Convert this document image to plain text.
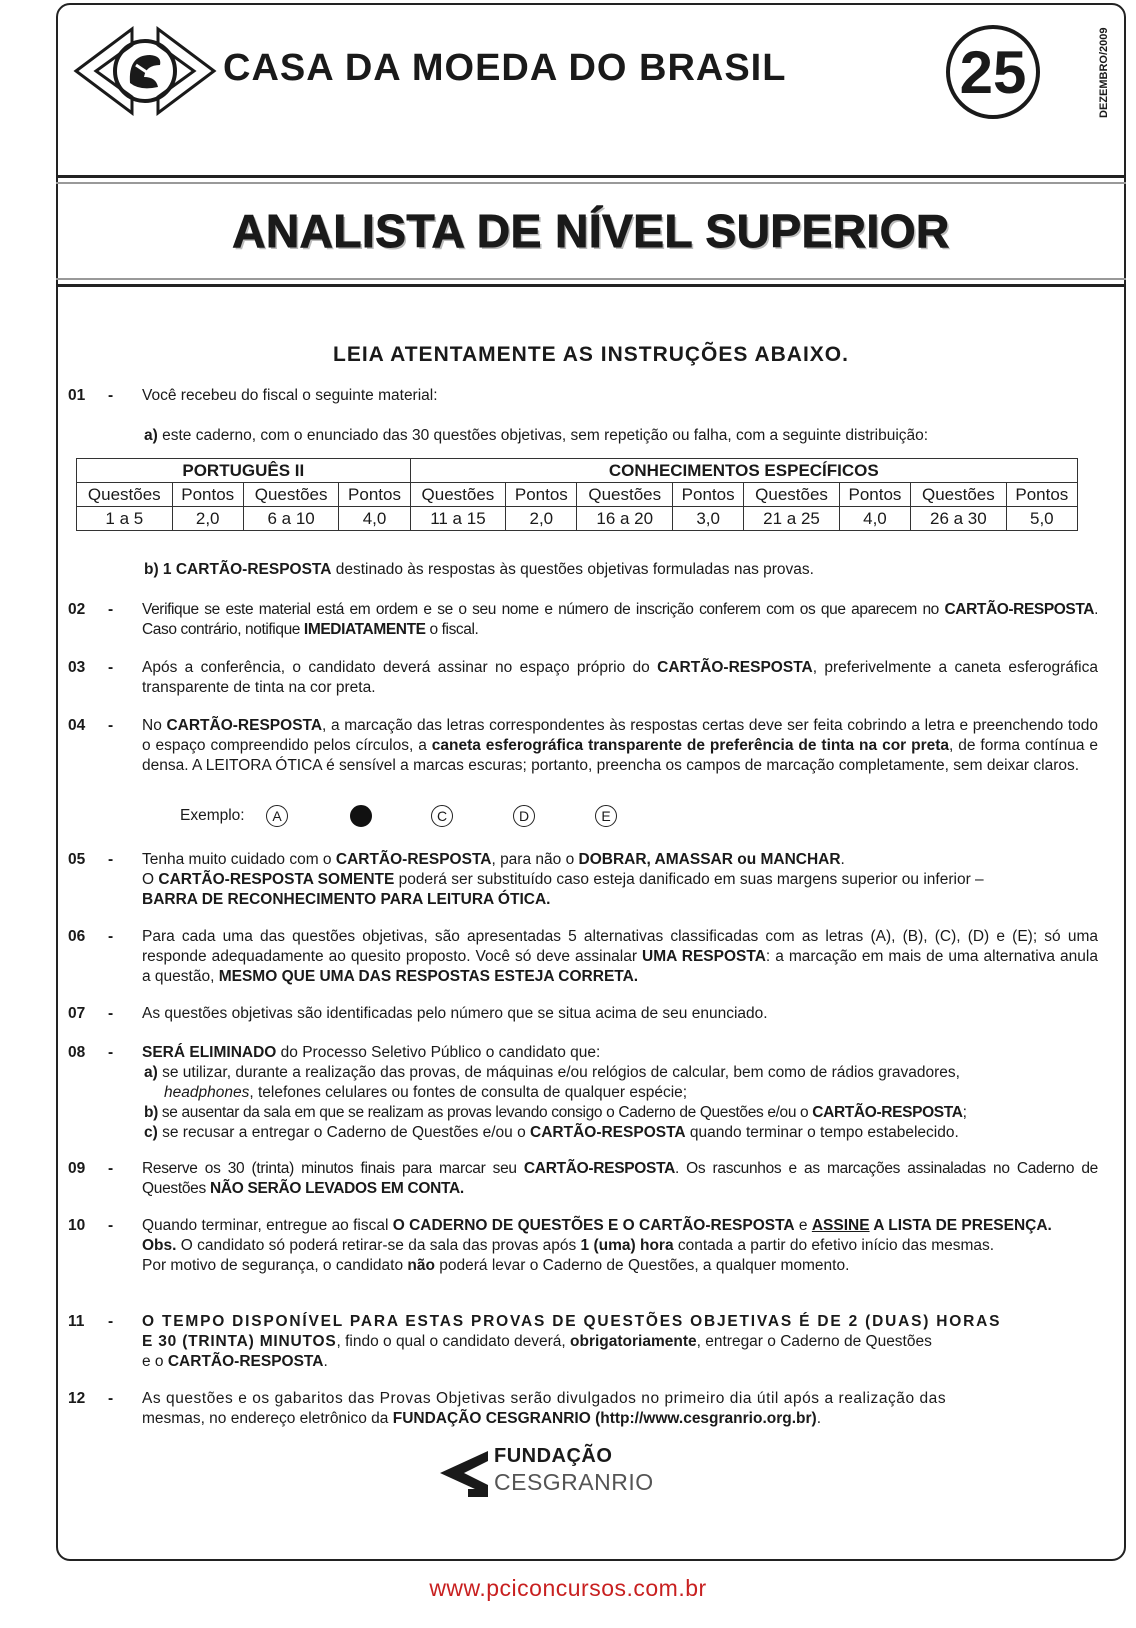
CASA DA MOEDA DO BRASIL	25	DEZEMBRO/2009
ANALISTA DE NÍVEL SUPERIOR
LEIA ATENTAMENTE AS INSTRUÇÕES ABAIXO.
01 - Você recebeu do fiscal o seguinte material:
a) este caderno, com o enunciado das 30 questões objetivas, sem repetição ou falha, com a seguinte distribuição:
PORTUGUÊS II				CONHECIMENTOS ESPECÍFICOS							
Questões	Pontos	Questões	Pontos	Questões	Pontos	Questões	Pontos	Questões	Pontos	Questões	Pontos
1 a 5	2,0	6 a 10	4,0	11 a 15	2,0	16 a 20	3,0	21 a 25	4,0	26 a 30	5,0
b) 1 CARTÃO-RESPOSTA destinado às respostas às questões objetivas formuladas nas provas.
02 - Verifique se este material está em ordem e se o seu nome e número de inscrição conferem com os que aparecem no CARTÃO-RESPOSTA. Caso contrário, notifique IMEDIATAMENTE o fiscal.
03 - Após a conferência, o candidato deverá assinar no espaço próprio do CARTÃO-RESPOSTA, preferivelmente a caneta esferográfica transparente de tinta na cor preta.
04 - No CARTÃO-RESPOSTA, a marcação das letras correspondentes às respostas certas deve ser feita cobrindo a letra e preenchendo todo o espaço compreendido pelos círculos, a caneta esferográfica transparente de preferência de tinta na cor preta, de forma contínua e densa. A LEITORA ÓTICA é sensível a marcas escuras; portanto, preencha os campos de marcação completamente, sem deixar claros.
Exemplo:	A	C	D	E
05 - Tenha muito cuidado com o CARTÃO-RESPOSTA, para não o DOBRAR, AMASSAR ou MANCHAR.
O CARTÃO-RESPOSTA SOMENTE poderá ser substituído caso esteja danificado em suas margens superior ou inferior –
BARRA DE RECONHECIMENTO PARA LEITURA ÓTICA.
06 - Para cada uma das questões objetivas, são apresentadas 5 alternativas classificadas com as letras (A), (B), (C), (D) e (E); só uma responde adequadamente ao quesito proposto. Você só deve assinalar UMA RESPOSTA: a marcação em mais de uma alternativa anula a questão, MESMO QUE UMA DAS RESPOSTAS ESTEJA CORRETA.
07 - As questões objetivas são identificadas pelo número que se situa acima de seu enunciado.
08 - SERÁ ELIMINADO do Processo Seletivo Público o candidato que:
a) se utilizar, durante a realização das provas, de máquinas e/ou relógios de calcular, bem como de rádios gravadores,
headphones, telefones celulares ou fontes de consulta de qualquer espécie;
b) se ausentar da sala em que se realizam as provas levando consigo o Caderno de Questões e/ou o CARTÃO-RESPOSTA;
c) se recusar a entregar o Caderno de Questões e/ou o CARTÃO-RESPOSTA quando terminar o tempo estabelecido.
09 - Reserve os 30 (trinta) minutos finais para marcar seu CARTÃO-RESPOSTA. Os rascunhos e as marcações assinaladas no Caderno de Questões NÃO SERÃO LEVADOS EM CONTA.
10 - Quando terminar, entregue ao fiscal O CADERNO DE QUESTÕES E O CARTÃO-RESPOSTA e ASSINE A LISTA DE PRESENÇA.
Obs. O candidato só poderá retirar-se da sala das provas após 1 (uma) hora contada a partir do efetivo início das mesmas.
Por motivo de segurança, o candidato não poderá levar o Caderno de Questões, a qualquer momento.
11 - O TEMPO DISPONÍVEL PARA ESTAS PROVAS DE QUESTÕES OBJETIVAS É DE 2 (DUAS) HORAS
E 30 (TRINTA) MINUTOS, findo o qual o candidato deverá, obrigatoriamente, entregar o Caderno de Questões
e o CARTÃO-RESPOSTA.
12 - As questões e os gabaritos das Provas Objetivas serão divulgados no primeiro dia útil após a realização das
mesmas, no endereço eletrônico da FUNDAÇÃO CESGRANRIO (http://www.cesgranrio.org.br).
FUNDAÇÃO
CESGRANRIO
www.pciconcursos.com.br
